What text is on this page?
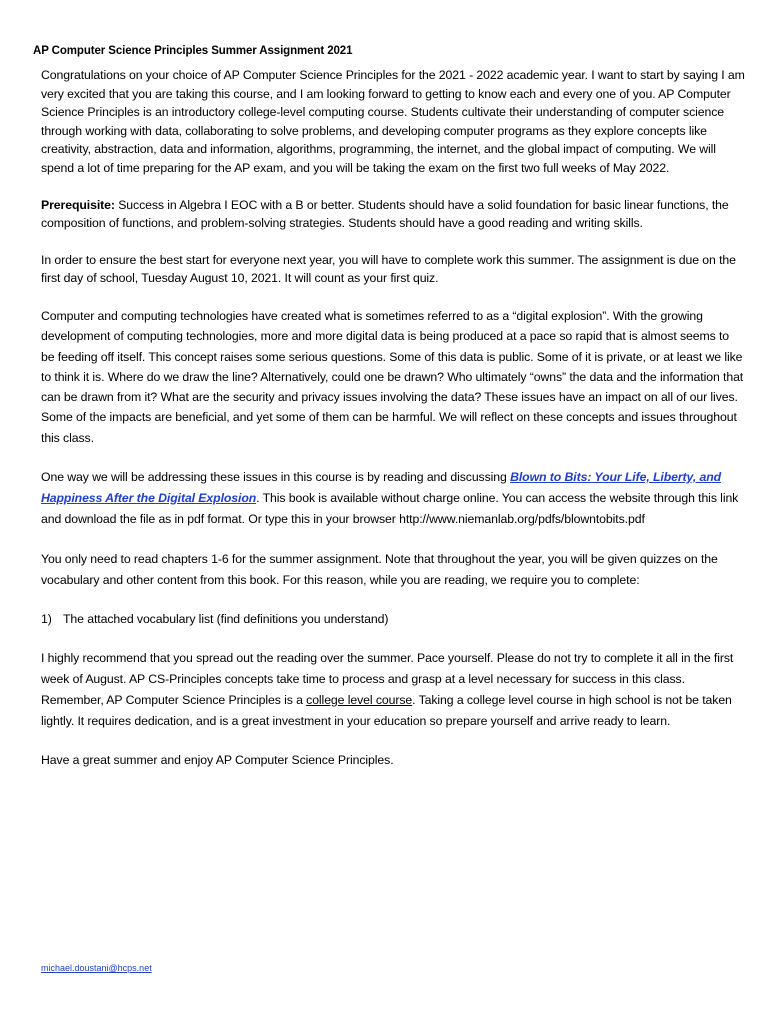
AP Computer Science Principles Summer Assignment 2021

Congratulations on your choice of AP Computer Science Principles for the 2021 - 2022 academic year. I want to start by saying I am very excited that you are taking this course, and I am looking forward to getting to know each and every one of you. AP Computer Science Principles is an introductory college-level computing course. Students cultivate their understanding of computer science through working with data, collaborating to solve problems, and developing computer programs as they explore concepts like creativity, abstraction, data and information, algorithms, programming, the internet, and the global impact of computing. We will spend a lot of time preparing for the AP exam, and you will be taking the exam on the first two full weeks of May 2022.

Prerequisite: Success in Algebra I EOC with a B or better. Students should have a solid foundation for basic linear functions, the composition of functions, and problem-solving strategies. Students should have a good reading and writing skills.

In order to ensure the best start for everyone next year, you will have to complete work this summer. The assignment is due on the first day of school, Tuesday August 10, 2021. It will count as your first quiz.

Computer and computing technologies have created what is sometimes referred to as a “digital explosion”. With the growing development of computing technologies, more and more digital data is being produced at a pace so rapid that is almost seems to be feeding off itself. This concept raises some serious questions. Some of this data is public. Some of it is private, or at least we like to think it is. Where do we draw the line? Alternatively, could one be drawn? Who ultimately “owns” the data and the information that can be drawn from it? What are the security and privacy issues involving the data? These issues have an impact on all of our lives. Some of the impacts are beneficial, and yet some of them can be harmful. We will reflect on these concepts and issues throughout this class.

One way we will be addressing these issues in this course is by reading and discussing Blown to Bits: Your Life, Liberty, and Happiness After the Digital Explosion. This book is available without charge online. You can access the website through this link and download the file as in pdf format. Or type this in your browser http://www.niemanlab.org/pdfs/blowntobits.pdf

You only need to read chapters 1-6 for the summer assignment. Note that throughout the year, you will be given quizzes on the vocabulary and other content from this book. For this reason, while you are reading, we require you to complete:

1) The attached vocabulary list (find definitions you understand)

I highly recommend that you spread out the reading over the summer. Pace yourself. Please do not try to complete it all in the first week of August. AP CS-Principles concepts take time to process and grasp at a level necessary for success in this class. Remember, AP Computer Science Principles is a college level course. Taking a college level course in high school is not be taken lightly. It requires dedication, and is a great investment in your education so prepare yourself and arrive ready to learn.

Have a great summer and enjoy AP Computer Science Principles.

michael.doustani@hcps.net
